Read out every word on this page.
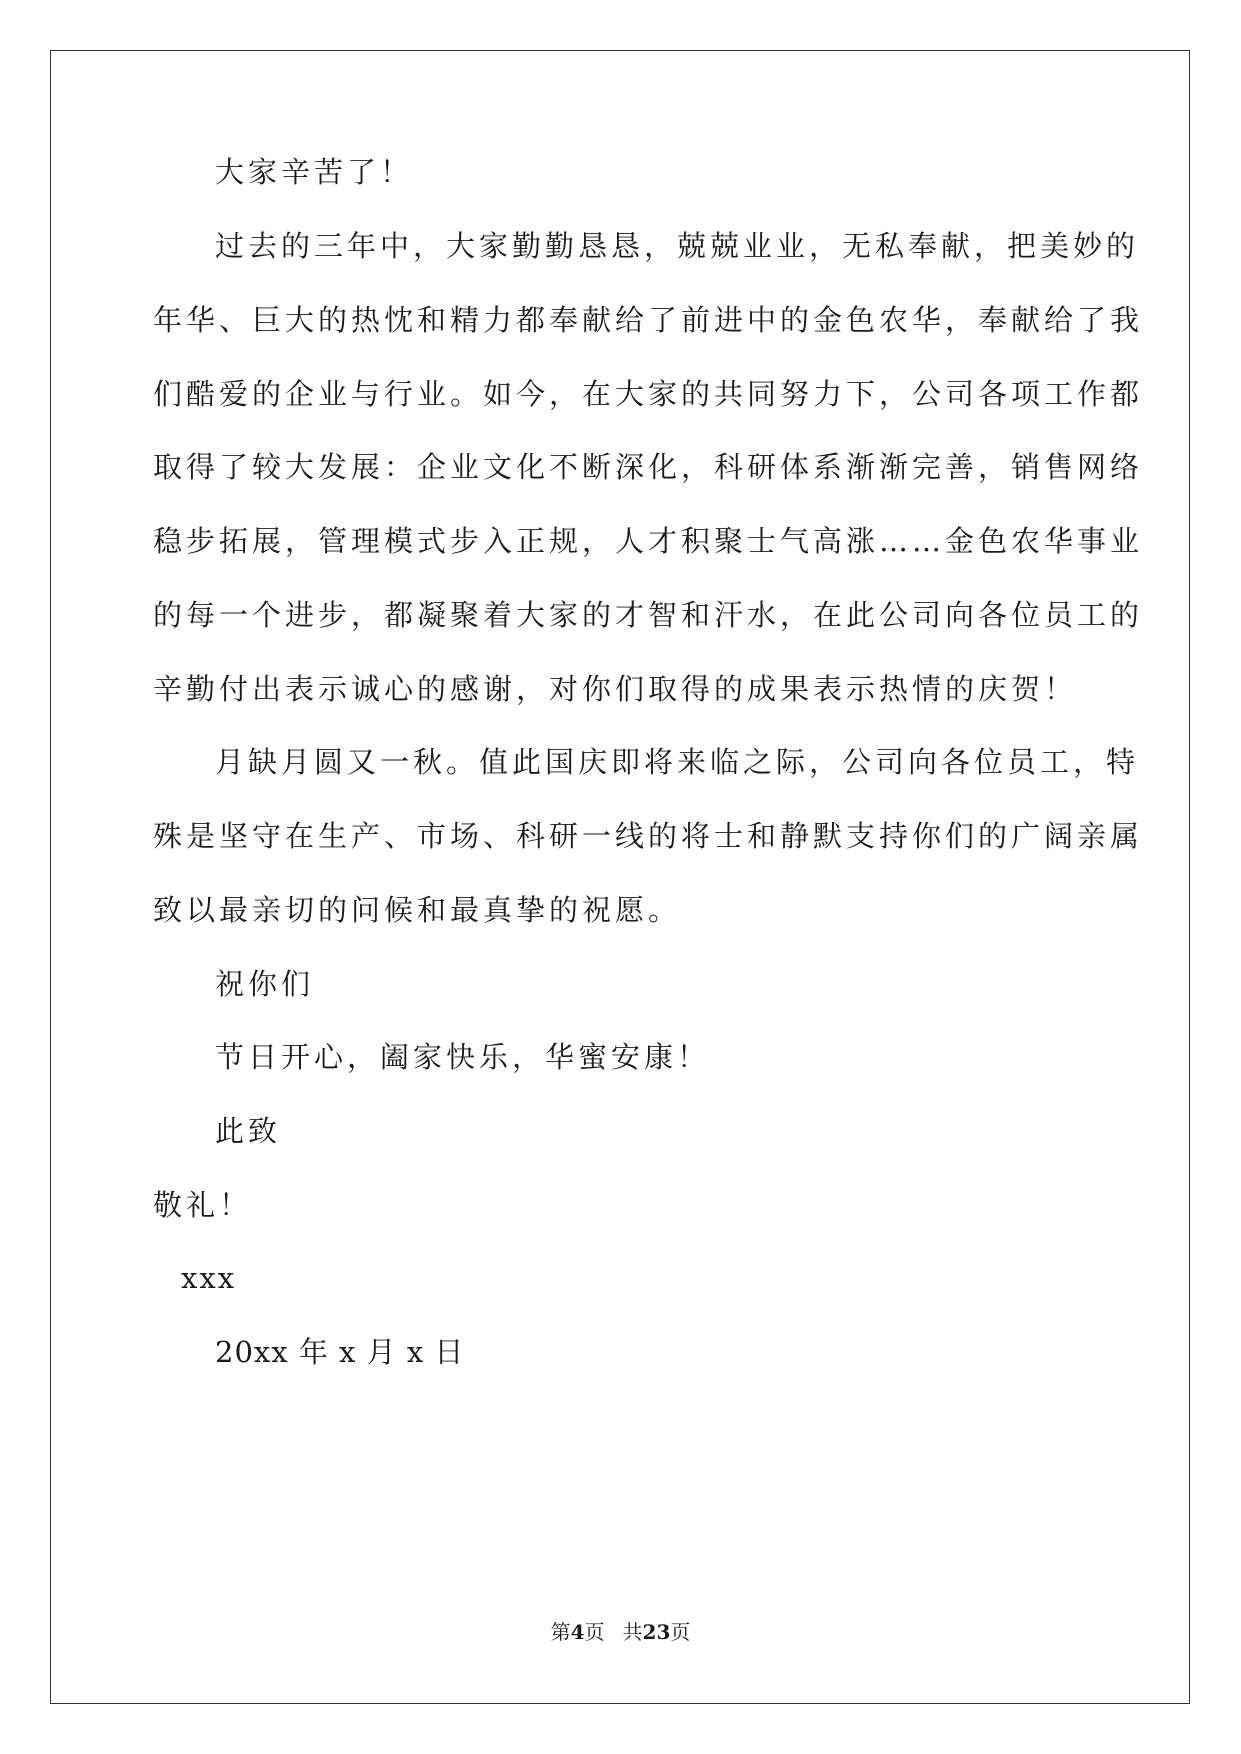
大家辛苦了！
过去的三年中，大家勤勤恳恳，兢兢业业，无私奉献，把美妙的
年华、巨大的热忱和精力都奉献给了前进中的金色农华，奉献给了我
们酷爱的企业与行业。如今，在大家的共同努力下，公司各项工作都
取得了较大发展：企业文化不断深化，科研体系渐渐完善，销售网络
稳步拓展，管理模式步入正规，人才积聚士气高涨……金色农华事业
的每一个进步，都凝聚着大家的才智和汗水，在此公司向各位员工的
辛勤付出表示诚心的感谢，对你们取得的成果表示热情的庆贺！
月缺月圆又一秋。值此国庆即将来临之际，公司向各位员工，特
殊是坚守在生产、市场、科研一线的将士和静默支持你们的广阔亲属
致以最亲切的问候和最真挚的祝愿。
祝你们
节日开心，阖家快乐，华蜜安康！
此致
敬礼！
xxx
20xx 年 x 月 x 日
第4页 共23页
